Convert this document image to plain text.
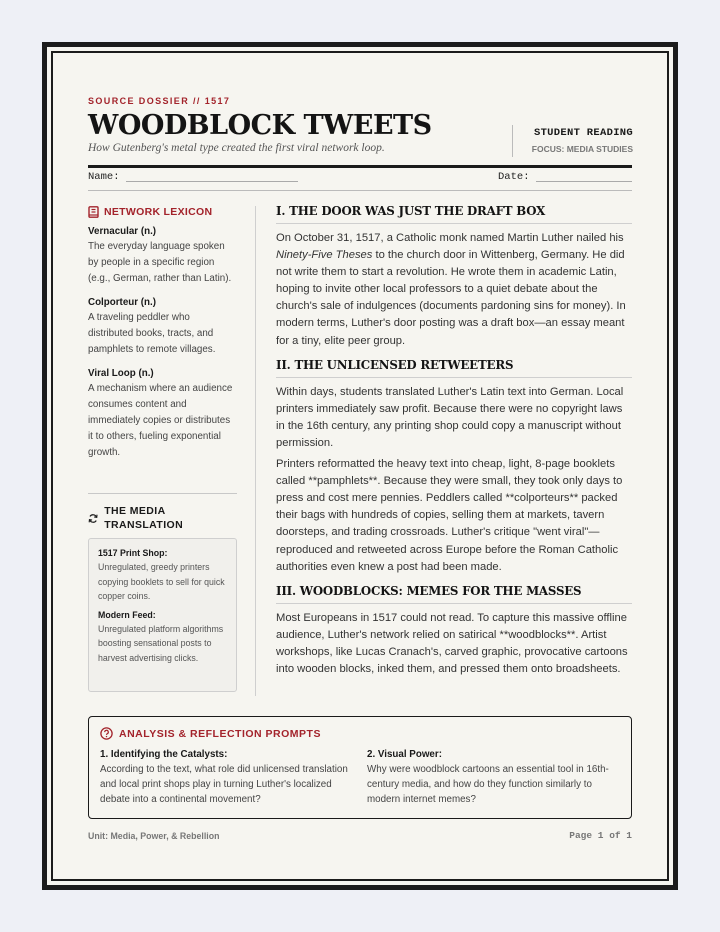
SOURCE DOSSIER // 1517
WOODBLOCK TWEETS
How Gutenberg's metal type created the first viral network loop.
STUDENT READING
FOCUS: MEDIA STUDIES
Name:	Date:
NETWORK LEXICON
Vernacular (n.)
The everyday language spoken by people in a specific region (e.g., German, rather than Latin).
Colporteur (n.)
A traveling peddler who distributed books, tracts, and pamphlets to remote villages.
Viral Loop (n.)
A mechanism where an audience consumes content and immediately copies or distributes it to others, fueling exponential growth.
THE MEDIA TRANSLATION
1517 Print Shop:
Unregulated, greedy printers copying booklets to sell for quick copper coins.
Modern Feed:
Unregulated platform algorithms boosting sensational posts to harvest advertising clicks.
I. THE DOOR WAS JUST THE DRAFT BOX

On October 31, 1517, a Catholic monk named Martin Luther nailed his Ninety-Five Theses to the church door in Wittenberg, Germany. He did not write them to start a revolution. He wrote them in academic Latin, hoping to invite other local professors to a quiet debate about the church's sale of indulgences (documents pardoning sins for money). In modern terms, Luther's door posting was a draft box—an essay meant for a tiny, elite peer group.

II. THE UNLICENSED RETWEETERS

Within days, students translated Luther's Latin text into German. Local printers immediately saw profit. Because there were no copyright laws in the 16th century, any printing shop could copy a manuscript without permission.

Printers reformatted the heavy text into cheap, light, 8-page booklets called **pamphlets**. Because they were small, they took only days to press and cost mere pennies. Peddlers called **colporteurs** packed their bags with hundreds of copies, selling them at markets, tavern doorsteps, and trading crossroads. Luther's critique "went viral"—reproduced and retweeted across Europe before the Roman Catholic authorities even knew a post had been made.

III. WOODBLOCKS: MEMES FOR THE MASSES

Most Europeans in 1517 could not read. To capture this massive offline audience, Luther's network relied on satirical **woodblocks**. Artist workshops, like Lucas Cranach's, carved graphic, provocative cartoons into wooden blocks, inked them, and pressed them onto broadsheets.

ANALYSIS & REFLECTION PROMPTS
1. Identifying the Catalysts:
According to the text, what role did unlicensed translation and local print shops play in turning Luther's localized debate into a continental movement?
2. Visual Power:
Why were woodblock cartoons an essential tool in 16th-century media, and how do they function similarly to modern internet memes?
Unit: Media, Power, & Rebellion	Page 1 of 1
